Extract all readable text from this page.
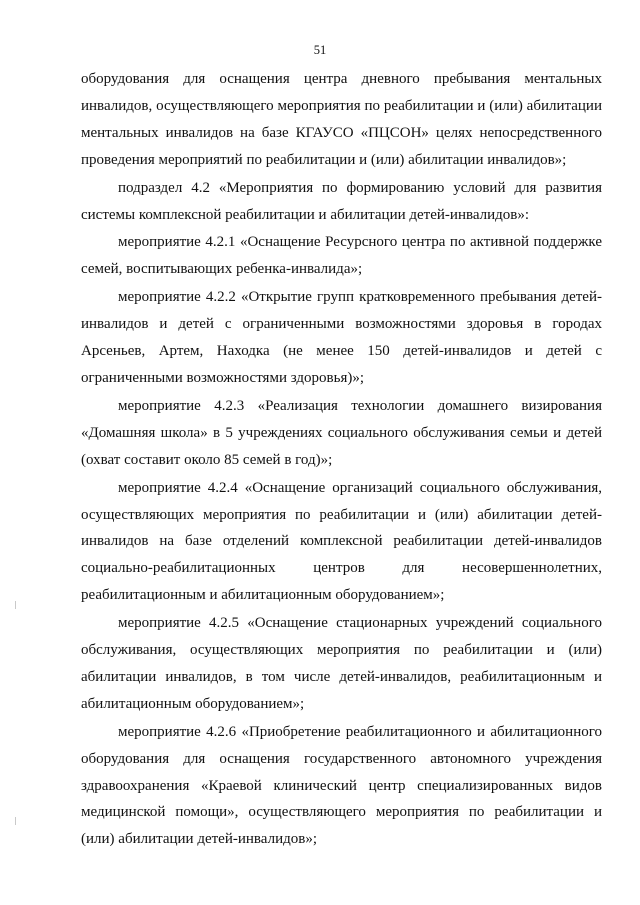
51

оборудования для оснащения центра дневного пребывания ментальных инвалидов, осуществляющего мероприятия по реабилитации и (или) абилитации ментальных инвалидов на базе КГАУСО «ПЦСОН» целях непосредственного проведения мероприятий по реабилитации и (или) абилитации инвалидов»;

подраздел 4.2 «Мероприятия по формированию условий для развития системы комплексной реабилитации и абилитации детей-инвалидов»:

мероприятие 4.2.1 «Оснащение Ресурсного центра по активной поддержке семей, воспитывающих ребенка-инвалида»;

мероприятие 4.2.2 «Открытие групп кратковременного пребывания детей-инвалидов и детей с ограниченными возможностями здоровья в городах Арсеньев, Артем, Находка (не менее 150 детей-инвалидов и детей с ограниченными возможностями здоровья)»;

мероприятие 4.2.3 «Реализация технологии домашнего визирования «Домашняя школа» в 5 учреждениях социального обслуживания семьи и детей (охват составит около 85 семей в год)»;

мероприятие 4.2.4 «Оснащение организаций социального обслуживания, осуществляющих мероприятия по реабилитации и (или) абилитации детей-инвалидов на базе отделений комплексной реабилитации детей-инвалидов социально-реабилитационных центров для несовершеннолетних, реабилитационным и абилитационным оборудованием»;

мероприятие 4.2.5 «Оснащение стационарных учреждений социального обслуживания, осуществляющих мероприятия по реабилитации и (или) абилитации инвалидов, в том числе детей-инвалидов, реабилитационным и абилитационным оборудованием»;

мероприятие 4.2.6 «Приобретение реабилитационного и абилитационного оборудования для оснащения государственного автономного учреждения здравоохранения «Краевой клинический центр специализированных видов медицинской помощи», осуществляющего мероприятия по реабилитации и (или) абилитации детей-инвалидов»;
